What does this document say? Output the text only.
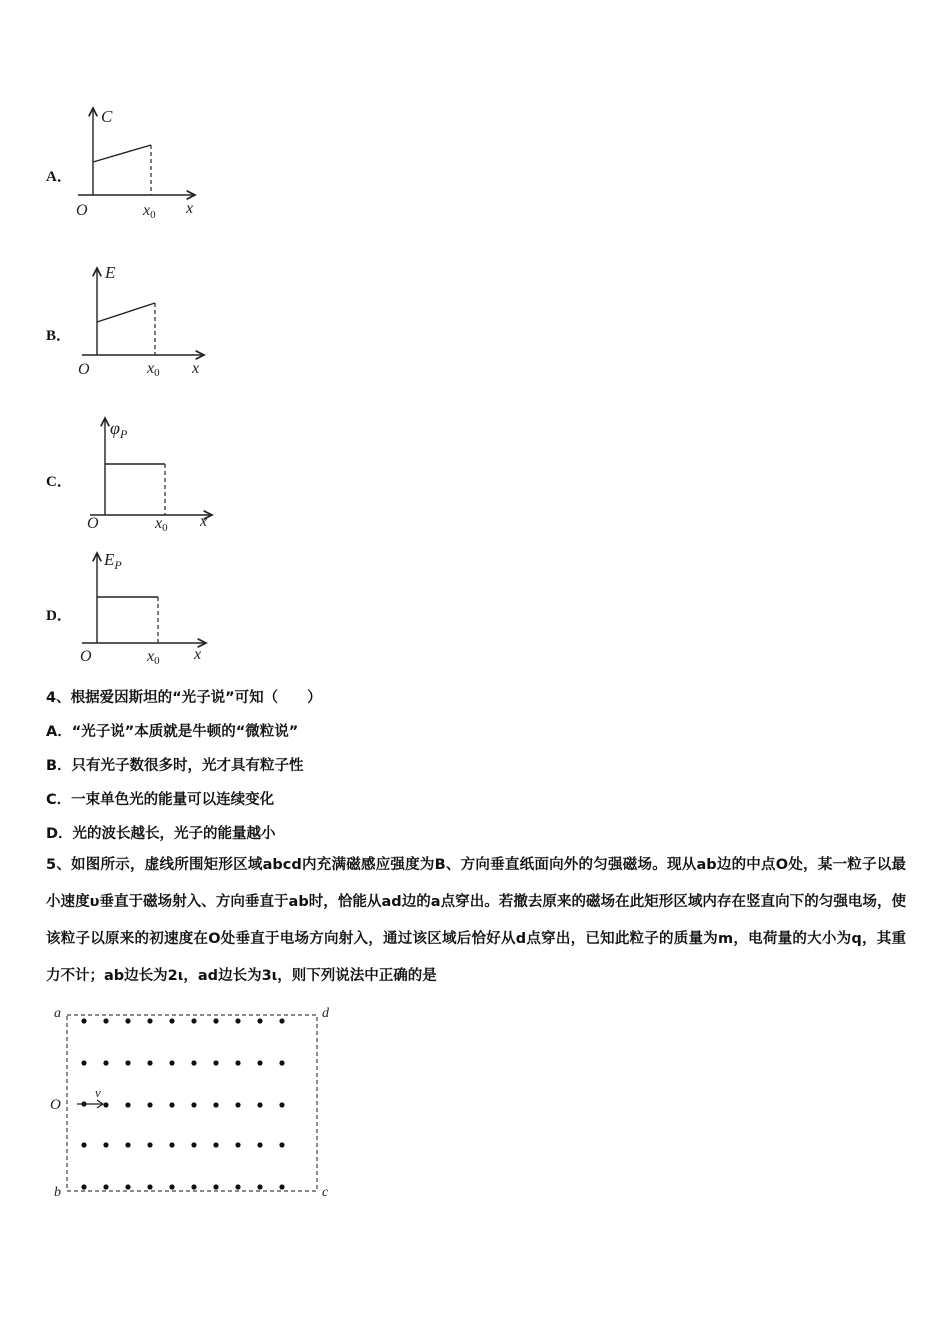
A．
C
O	x0 x
B．
E
O	x0 x
C．
$\varphi_P$
O	x0 x
D．
$E_P$
O	x0 x
4、根据爱因斯坦的“光子说”可知（　　）
A．“光子说”本质就是牛顿的“微粒说”
B．只有光子数很多时，光才具有粒子性
C．一束单色光的能量可以连续变化
D．光的波长越长，光子的能量越小
5、如图所示，虚线所围矩形区域abcd内充满磁感应强度为B、方向垂直纸面向外的匀强磁场。现从ab边的中点O处，某一粒子以最小速度υ垂直于磁场射入、方向垂直于ab时，恰能从ad边的a点穿出。若撤去原来的磁场在此矩形区域内存在竖直向下的匀强电场，使该粒子以原来的初速度在O处垂直于电场方向射入，通过该区域后恰好从d点穿出，已知此粒子的质量为m，电荷量的大小为q，其重力不计；ab边长为2ι，ad边长为3ι，则下列说法中正确的是
a	d
b	c
O
v
